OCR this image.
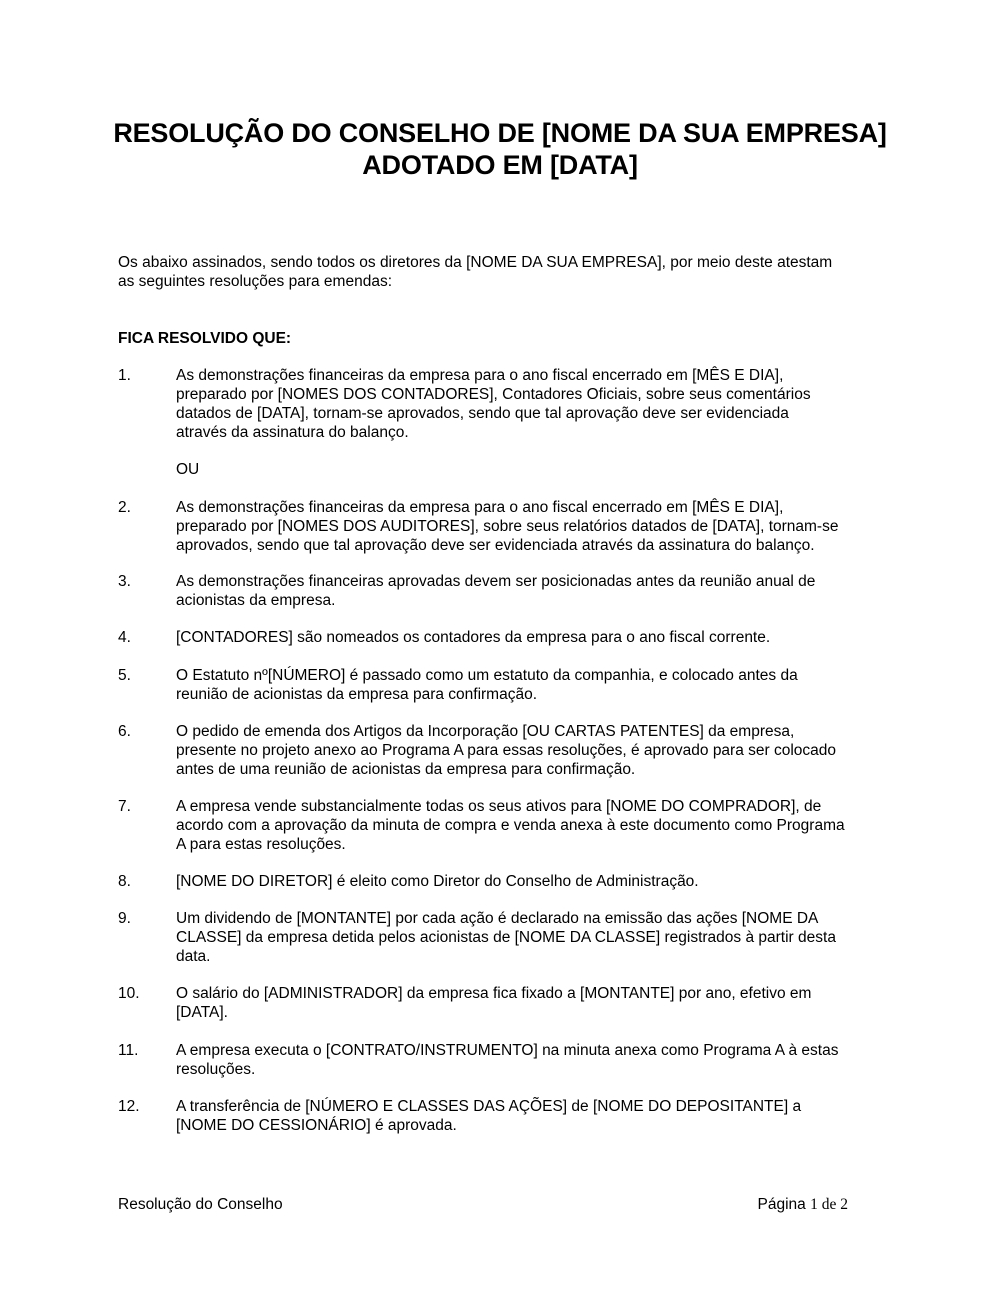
RESOLUÇÃO DO CONSELHO DE [NOME DA SUA EMPRESA]
ADOTADO EM [DATA]
Os abaixo assinados, sendo todos os diretores da [NOME DA SUA EMPRESA], por meio deste atestam
as seguintes resoluções para emendas:
FICA RESOLVIDO QUE:
1.	As demonstrações financeiras da empresa para o ano fiscal encerrado em [MÊS E DIA],
preparado por [NOMES DOS CONTADORES], Contadores Oficiais, sobre seus comentários
datados de [DATA], tornam-se aprovados, sendo que tal aprovação deve ser evidenciada
através da assinatura do balanço.
OU
2.	As demonstrações financeiras da empresa para o ano fiscal encerrado em [MÊS E DIA],
preparado por [NOMES DOS AUDITORES], sobre seus relatórios datados de [DATA], tornam-se
aprovados, sendo que tal aprovação deve ser evidenciada através da assinatura do balanço.
3.	As demonstrações financeiras aprovadas devem ser posicionadas antes da reunião anual de
acionistas da empresa.
4.	[CONTADORES] são nomeados os contadores da empresa para o ano fiscal corrente.
5.	O Estatuto nº[NÚMERO] é passado como um estatuto da companhia, e colocado antes da
reunião de acionistas da empresa para confirmação.
6.	O pedido de emenda dos Artigos da Incorporação [OU CARTAS PATENTES] da empresa,
presente no projeto anexo ao Programa A para essas resoluções, é aprovado para ser colocado
antes de uma reunião de acionistas da empresa para confirmação.
7.	A empresa vende substancialmente todas os seus ativos para [NOME DO COMPRADOR], de
acordo com a aprovação da minuta de compra e venda anexa à este documento como Programa
A para estas resoluções.
8.	[NOME DO DIRETOR] é eleito como Diretor do Conselho de Administração.
9.	Um dividendo de [MONTANTE] por cada ação é declarado na emissão das ações [NOME DA
CLASSE] da empresa detida pelos acionistas de [NOME DA CLASSE] registrados à partir desta
data.
10.	O salário do [ADMINISTRADOR] da empresa fica fixado a [MONTANTE] por ano, efetivo em
[DATA].
11.	A empresa executa o [CONTRATO/INSTRUMENTO] na minuta anexa como Programa A à estas
resoluções.
12.	A transferência de [NÚMERO E CLASSES DAS AÇÕES] de [NOME DO DEPOSITANTE] a
[NOME DO CESSIONÁRIO] é aprovada.
Resolução do Conselho	Página 1 de 2
